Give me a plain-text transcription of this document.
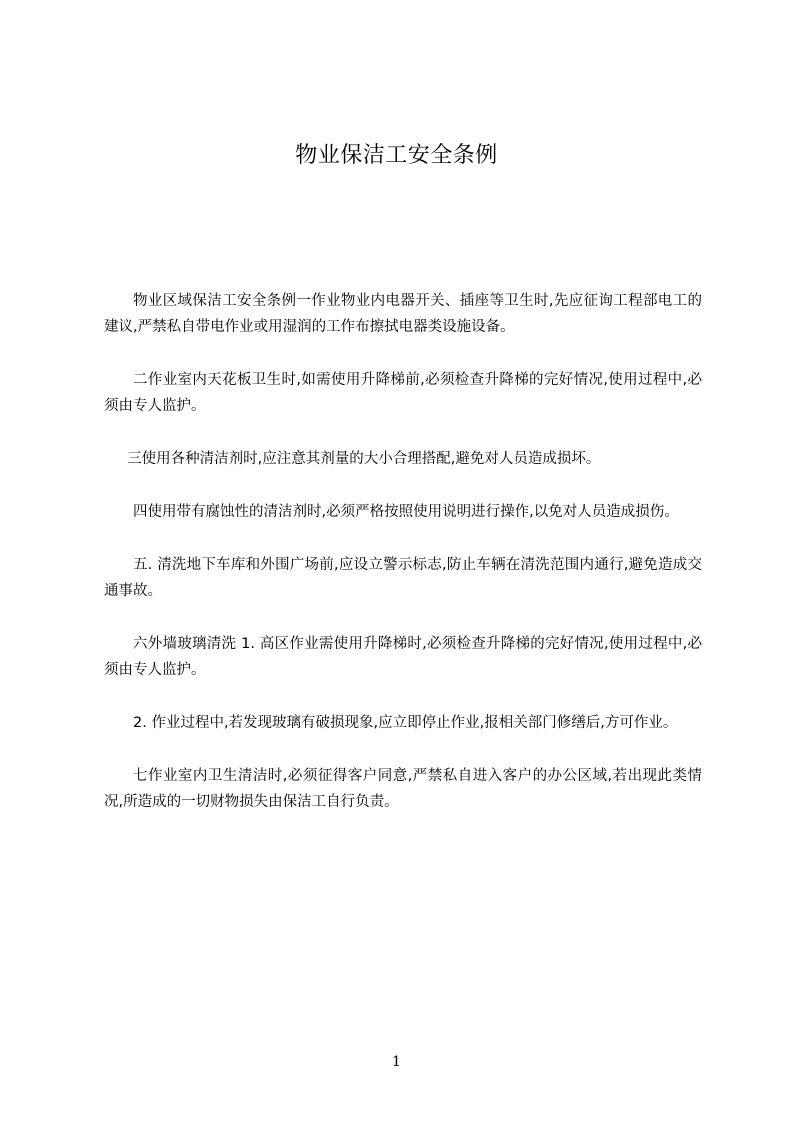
物业保洁工安全条例

物业区域保洁工安全条例一作业物业内电器开关、插座等卫生时,先应征询工程部电工的建议,严禁私自带电作业或用湿润的工作布擦拭电器类设施设备。

二作业室内天花板卫生时,如需使用升降梯前,必须检查升降梯的完好情况,使用过程中,必须由专人监护。

三使用各种清洁剂时,应注意其剂量的大小合理搭配,避免对人员造成损坏。

四使用带有腐蚀性的清洁剂时,必须严格按照使用说明进行操作,以免对人员造成损伤。

五. 清洗地下车库和外围广场前,应设立警示标志,防止车辆在清洗范围内通行,避免造成交通事故。

六外墙玻璃清洗 1. 高区作业需使用升降梯时,必须检查升降梯的完好情况,使用过程中,必须由专人监护。

2. 作业过程中,若发现玻璃有破损现象,应立即停止作业,报相关部门修缮后,方可作业。

七作业室内卫生清洁时,必须征得客户同意,严禁私自进入客户的办公区域,若出现此类情况,所造成的一切财物损失由保洁工自行负责。

1
